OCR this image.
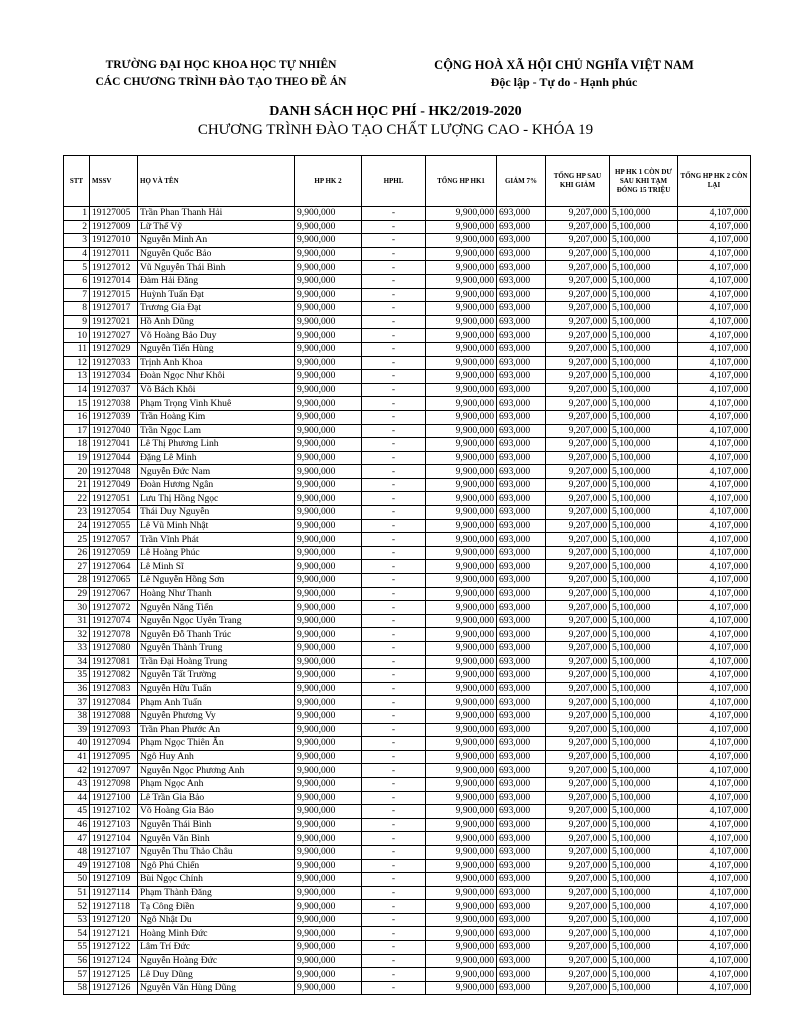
TRƯỜNG ĐẠI HỌC KHOA HỌC TỰ NHIÊN
CÁC CHƯƠNG TRÌNH ĐÀO TẠO THEO ĐỀ ÁN
CỘNG HOÀ XÃ HỘI CHỦ NGHĨA VIỆT NAM
Độc lập - Tự do - Hạnh phúc
DANH SÁCH HỌC PHÍ - HK2/2019-2020
CHƯƠNG TRÌNH ĐÀO TẠO CHẤT LƯỢNG CAO - KHÓA 19
STT	MSSV	HỌ VÀ TÊN	HP HK 2	HPHL	TỔNG HP HK1	GIẢM 7%	TỔNG HP SAU KHI GIẢM	HP HK 1 CÒN DƯ SAU KHI TẠM ĐÓNG 15 TRIỆU	TỔNG HP HK 2 CÒN LẠI
1	19127005	Trần Phan Thanh Hải	9,900,000	-	9,900,000	693,000	9,207,000	5,100,000	4,107,000
2	19127009	Lữ Thế Vỹ	9,900,000	-	9,900,000	693,000	9,207,000	5,100,000	4,107,000
3	19127010	Nguyễn Minh An	9,900,000	-	9,900,000	693,000	9,207,000	5,100,000	4,107,000
4	19127011	Nguyễn Quốc Bảo	9,900,000	-	9,900,000	693,000	9,207,000	5,100,000	4,107,000
5	19127012	Vũ Nguyễn Thái Bình	9,900,000	-	9,900,000	693,000	9,207,000	5,100,000	4,107,000
6	19127014	Đàm Hải Đăng	9,900,000	-	9,900,000	693,000	9,207,000	5,100,000	4,107,000
7	19127015	Huỳnh Tuấn Đạt	9,900,000	-	9,900,000	693,000	9,207,000	5,100,000	4,107,000
8	19127017	Trương Gia Đạt	9,900,000	-	9,900,000	693,000	9,207,000	5,100,000	4,107,000
9	19127021	Hồ Anh Dũng	9,900,000	-	9,900,000	693,000	9,207,000	5,100,000	4,107,000
10	19127027	Võ Hoàng Bảo Duy	9,900,000	-	9,900,000	693,000	9,207,000	5,100,000	4,107,000
11	19127029	Nguyễn Tiến Hùng	9,900,000	-	9,900,000	693,000	9,207,000	5,100,000	4,107,000
12	19127033	Trịnh Anh Khoa	9,900,000	-	9,900,000	693,000	9,207,000	5,100,000	4,107,000
13	19127034	Đoàn Ngọc Như Khôi	9,900,000	-	9,900,000	693,000	9,207,000	5,100,000	4,107,000
14	19127037	Võ Bách Khôi	9,900,000	-	9,900,000	693,000	9,207,000	5,100,000	4,107,000
15	19127038	Phạm Trọng Vinh Khuê	9,900,000	-	9,900,000	693,000	9,207,000	5,100,000	4,107,000
16	19127039	Trần Hoàng Kim	9,900,000	-	9,900,000	693,000	9,207,000	5,100,000	4,107,000
17	19127040	Trần Ngọc Lam	9,900,000	-	9,900,000	693,000	9,207,000	5,100,000	4,107,000
18	19127041	Lê Thị Phương Linh	9,900,000	-	9,900,000	693,000	9,207,000	5,100,000	4,107,000
19	19127044	Đặng Lê Minh	9,900,000	-	9,900,000	693,000	9,207,000	5,100,000	4,107,000
20	19127048	Nguyễn Đức Nam	9,900,000	-	9,900,000	693,000	9,207,000	5,100,000	4,107,000
21	19127049	Đoàn Hương Ngân	9,900,000	-	9,900,000	693,000	9,207,000	5,100,000	4,107,000
22	19127051	Lưu Thị Hồng Ngọc	9,900,000	-	9,900,000	693,000	9,207,000	5,100,000	4,107,000
23	19127054	Thái Duy Nguyễn	9,900,000	-	9,900,000	693,000	9,207,000	5,100,000	4,107,000
24	19127055	Lê Vũ Minh Nhật	9,900,000	-	9,900,000	693,000	9,207,000	5,100,000	4,107,000
25	19127057	Trần Vĩnh Phát	9,900,000	-	9,900,000	693,000	9,207,000	5,100,000	4,107,000
26	19127059	Lê Hoàng Phúc	9,900,000	-	9,900,000	693,000	9,207,000	5,100,000	4,107,000
27	19127064	Lê Minh Sĩ	9,900,000	-	9,900,000	693,000	9,207,000	5,100,000	4,107,000
28	19127065	Lê Nguyễn Hồng Sơn	9,900,000	-	9,900,000	693,000	9,207,000	5,100,000	4,107,000
29	19127067	Hoàng Như Thanh	9,900,000	-	9,900,000	693,000	9,207,000	5,100,000	4,107,000
30	19127072	Nguyễn Năng Tiến	9,900,000	-	9,900,000	693,000	9,207,000	5,100,000	4,107,000
31	19127074	Nguyễn Ngọc Uyên Trang	9,900,000	-	9,900,000	693,000	9,207,000	5,100,000	4,107,000
32	19127078	Nguyễn Đỗ Thanh Trúc	9,900,000	-	9,900,000	693,000	9,207,000	5,100,000	4,107,000
33	19127080	Nguyễn Thành Trung	9,900,000	-	9,900,000	693,000	9,207,000	5,100,000	4,107,000
34	19127081	Trần Đại Hoàng Trung	9,900,000	-	9,900,000	693,000	9,207,000	5,100,000	4,107,000
35	19127082	Nguyễn Tất Trường	9,900,000	-	9,900,000	693,000	9,207,000	5,100,000	4,107,000
36	19127083	Nguyễn Hữu Tuấn	9,900,000	-	9,900,000	693,000	9,207,000	5,100,000	4,107,000
37	19127084	Phạm Anh Tuấn	9,900,000	-	9,900,000	693,000	9,207,000	5,100,000	4,107,000
38	19127088	Nguyễn Phương Vy	9,900,000	-	9,900,000	693,000	9,207,000	5,100,000	4,107,000
39	19127093	Trần Phan Phước An	9,900,000	-	9,900,000	693,000	9,207,000	5,100,000	4,107,000
40	19127094	Phạm Ngọc Thiên Ân	9,900,000	-	9,900,000	693,000	9,207,000	5,100,000	4,107,000
41	19127095	Ngô Huy Anh	9,900,000	-	9,900,000	693,000	9,207,000	5,100,000	4,107,000
42	19127097	Nguyễn Ngọc Phương Anh	9,900,000	-	9,900,000	693,000	9,207,000	5,100,000	4,107,000
43	19127098	Phạm Ngọc Anh	9,900,000	-	9,900,000	693,000	9,207,000	5,100,000	4,107,000
44	19127100	Lê Trần Gia Bảo	9,900,000	-	9,900,000	693,000	9,207,000	5,100,000	4,107,000
45	19127102	Võ Hoàng Gia Bảo	9,900,000	-	9,900,000	693,000	9,207,000	5,100,000	4,107,000
46	19127103	Nguyễn Thái Bình	9,900,000	-	9,900,000	693,000	9,207,000	5,100,000	4,107,000
47	19127104	Nguyễn Văn Bình	9,900,000	-	9,900,000	693,000	9,207,000	5,100,000	4,107,000
48	19127107	Nguyễn Thu Thảo Châu	9,900,000	-	9,900,000	693,000	9,207,000	5,100,000	4,107,000
49	19127108	Ngô Phú Chiến	9,900,000	-	9,900,000	693,000	9,207,000	5,100,000	4,107,000
50	19127109	Bùi Ngọc Chính	9,900,000	-	9,900,000	693,000	9,207,000	5,100,000	4,107,000
51	19127114	Phạm Thành Đăng	9,900,000	-	9,900,000	693,000	9,207,000	5,100,000	4,107,000
52	19127118	Tạ Công Điền	9,900,000	-	9,900,000	693,000	9,207,000	5,100,000	4,107,000
53	19127120	Ngô Nhật Du	9,900,000	-	9,900,000	693,000	9,207,000	5,100,000	4,107,000
54	19127121	Hoàng Minh Đức	9,900,000	-	9,900,000	693,000	9,207,000	5,100,000	4,107,000
55	19127122	Lâm Trí Đức	9,900,000	-	9,900,000	693,000	9,207,000	5,100,000	4,107,000
56	19127124	Nguyễn Hoàng Đức	9,900,000	-	9,900,000	693,000	9,207,000	5,100,000	4,107,000
57	19127125	Lê Duy Dũng	9,900,000	-	9,900,000	693,000	9,207,000	5,100,000	4,107,000
58	19127126	Nguyễn Văn Hùng Dũng	9,900,000	-	9,900,000	693,000	9,207,000	5,100,000	4,107,000
